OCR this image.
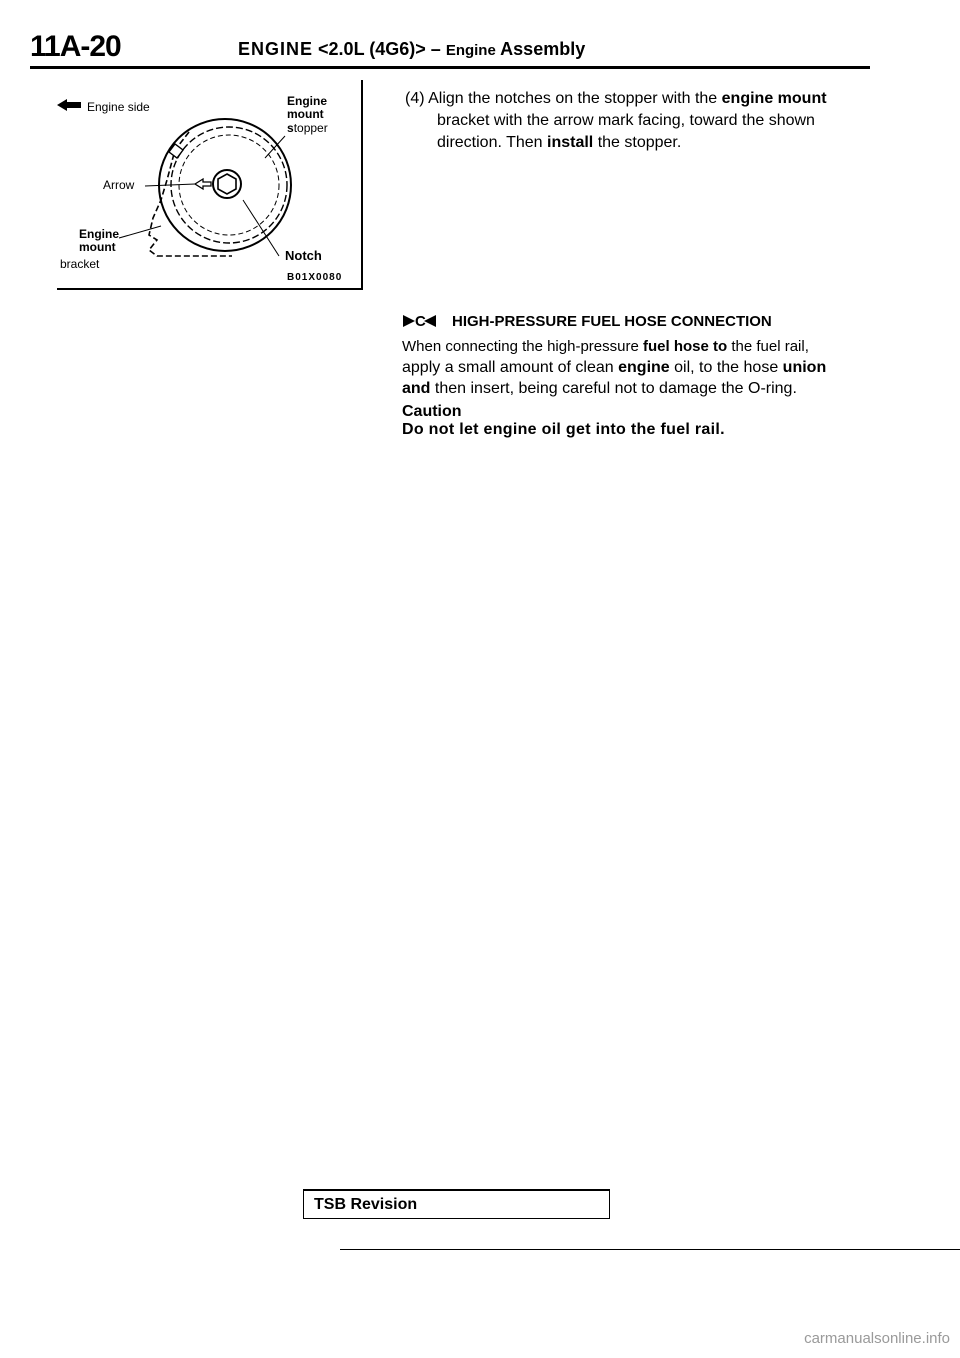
11A-20	ENGINE <2.0L (4G6)> – Engine Assembly
Engine side	Engine
mount
stopper
Arrow
Engine
mount
bracket
Notch
B01X0080
(4) Align the notches on the stopper with the engine mount
bracket with the arrow mark facing, toward the shown
direction. Then install the stopper.
C HIGH-PRESSURE FUEL HOSE CONNECTION
When connecting the high-pressure fuel hose to the fuel rail,
apply a small amount of clean engine oil, to the hose union
and then insert, being careful not to damage the O-ring.
Caution
Do not let engine oil get into the fuel rail.
TSB Revision
carmanualsonline.info
